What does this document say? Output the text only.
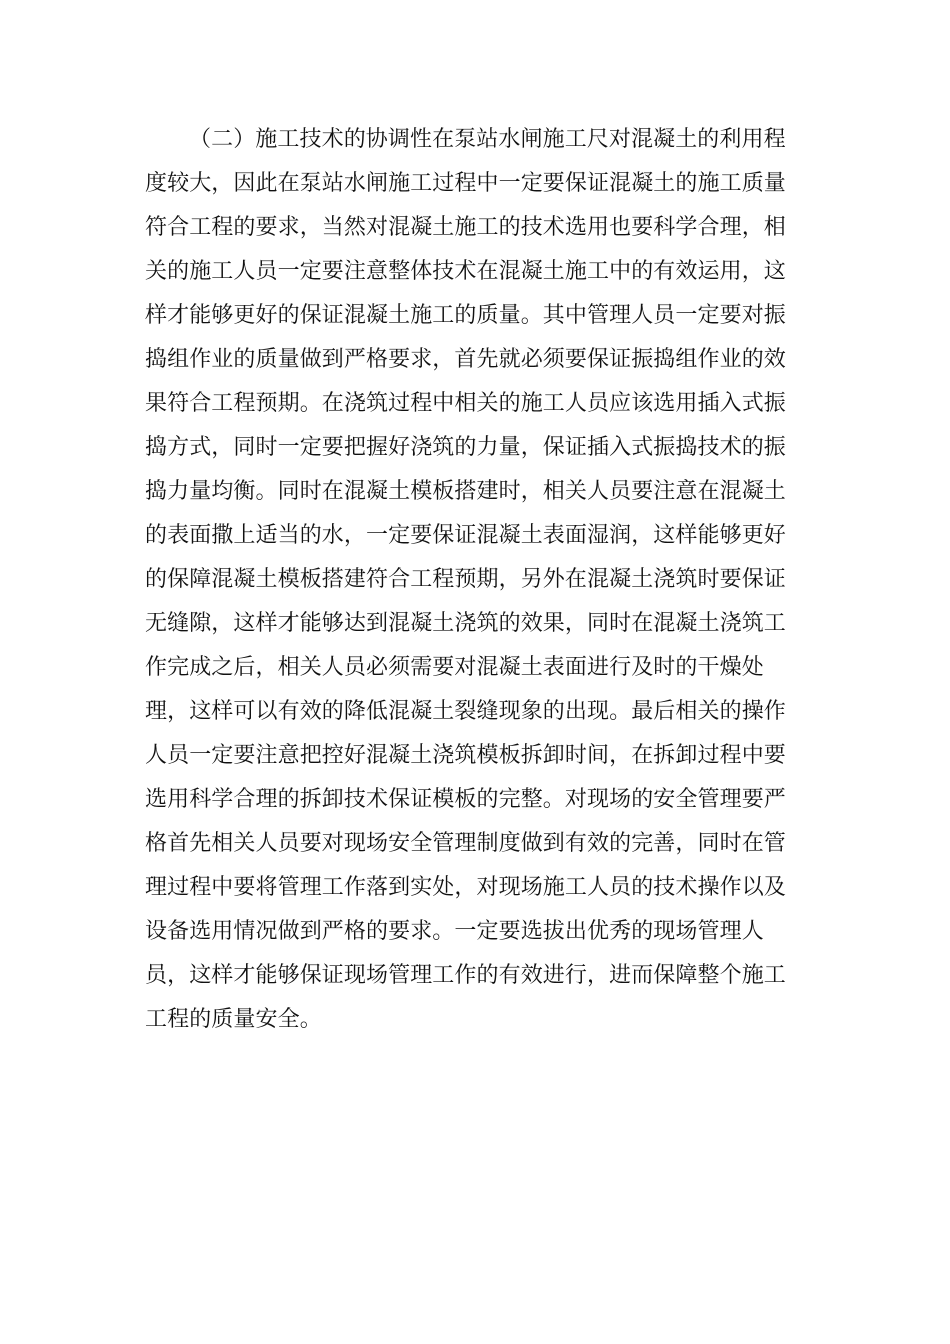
（二）施工技术的协调性在泵站水闸施工尺对混凝土的利用程
度较大，因此在泵站水闸施工过程中一定要保证混凝土的施工质量
符合工程的要求，当然对混凝土施工的技术选用也要科学合理，相
关的施工人员一定要注意整体技术在混凝土施工中的有效运用，这
样才能够更好的保证混凝土施工的质量。其中管理人员一定要对振
捣组作业的质量做到严格要求，首先就必须要保证振捣组作业的效
果符合工程预期。在浇筑过程中相关的施工人员应该选用插入式振
捣方式，同时一定要把握好浇筑的力量，保证插入式振捣技术的振
捣力量均衡。同时在混凝土模板搭建时，相关人员要注意在混凝土
的表面撒上适当的水，一定要保证混凝土表面湿润，这样能够更好
的保障混凝土模板搭建符合工程预期，另外在混凝土浇筑时要保证
无缝隙，这样才能够达到混凝土浇筑的效果，同时在混凝土浇筑工
作完成之后，相关人员必须需要对混凝土表面进行及时的干燥处
理，这样可以有效的降低混凝土裂缝现象的出现。最后相关的操作
人员一定要注意把控好混凝土浇筑模板拆卸时间，在拆卸过程中要
选用科学合理的拆卸技术保证模板的完整。对现场的安全管理要严
格首先相关人员要对现场安全管理制度做到有效的完善，同时在管
理过程中要将管理工作落到实处，对现场施工人员的技术操作以及
设备选用情况做到严格的要求。一定要选拔出优秀的现场管理人
员，这样才能够保证现场管理工作的有效进行，进而保障整个施工
工程的质量安全。
